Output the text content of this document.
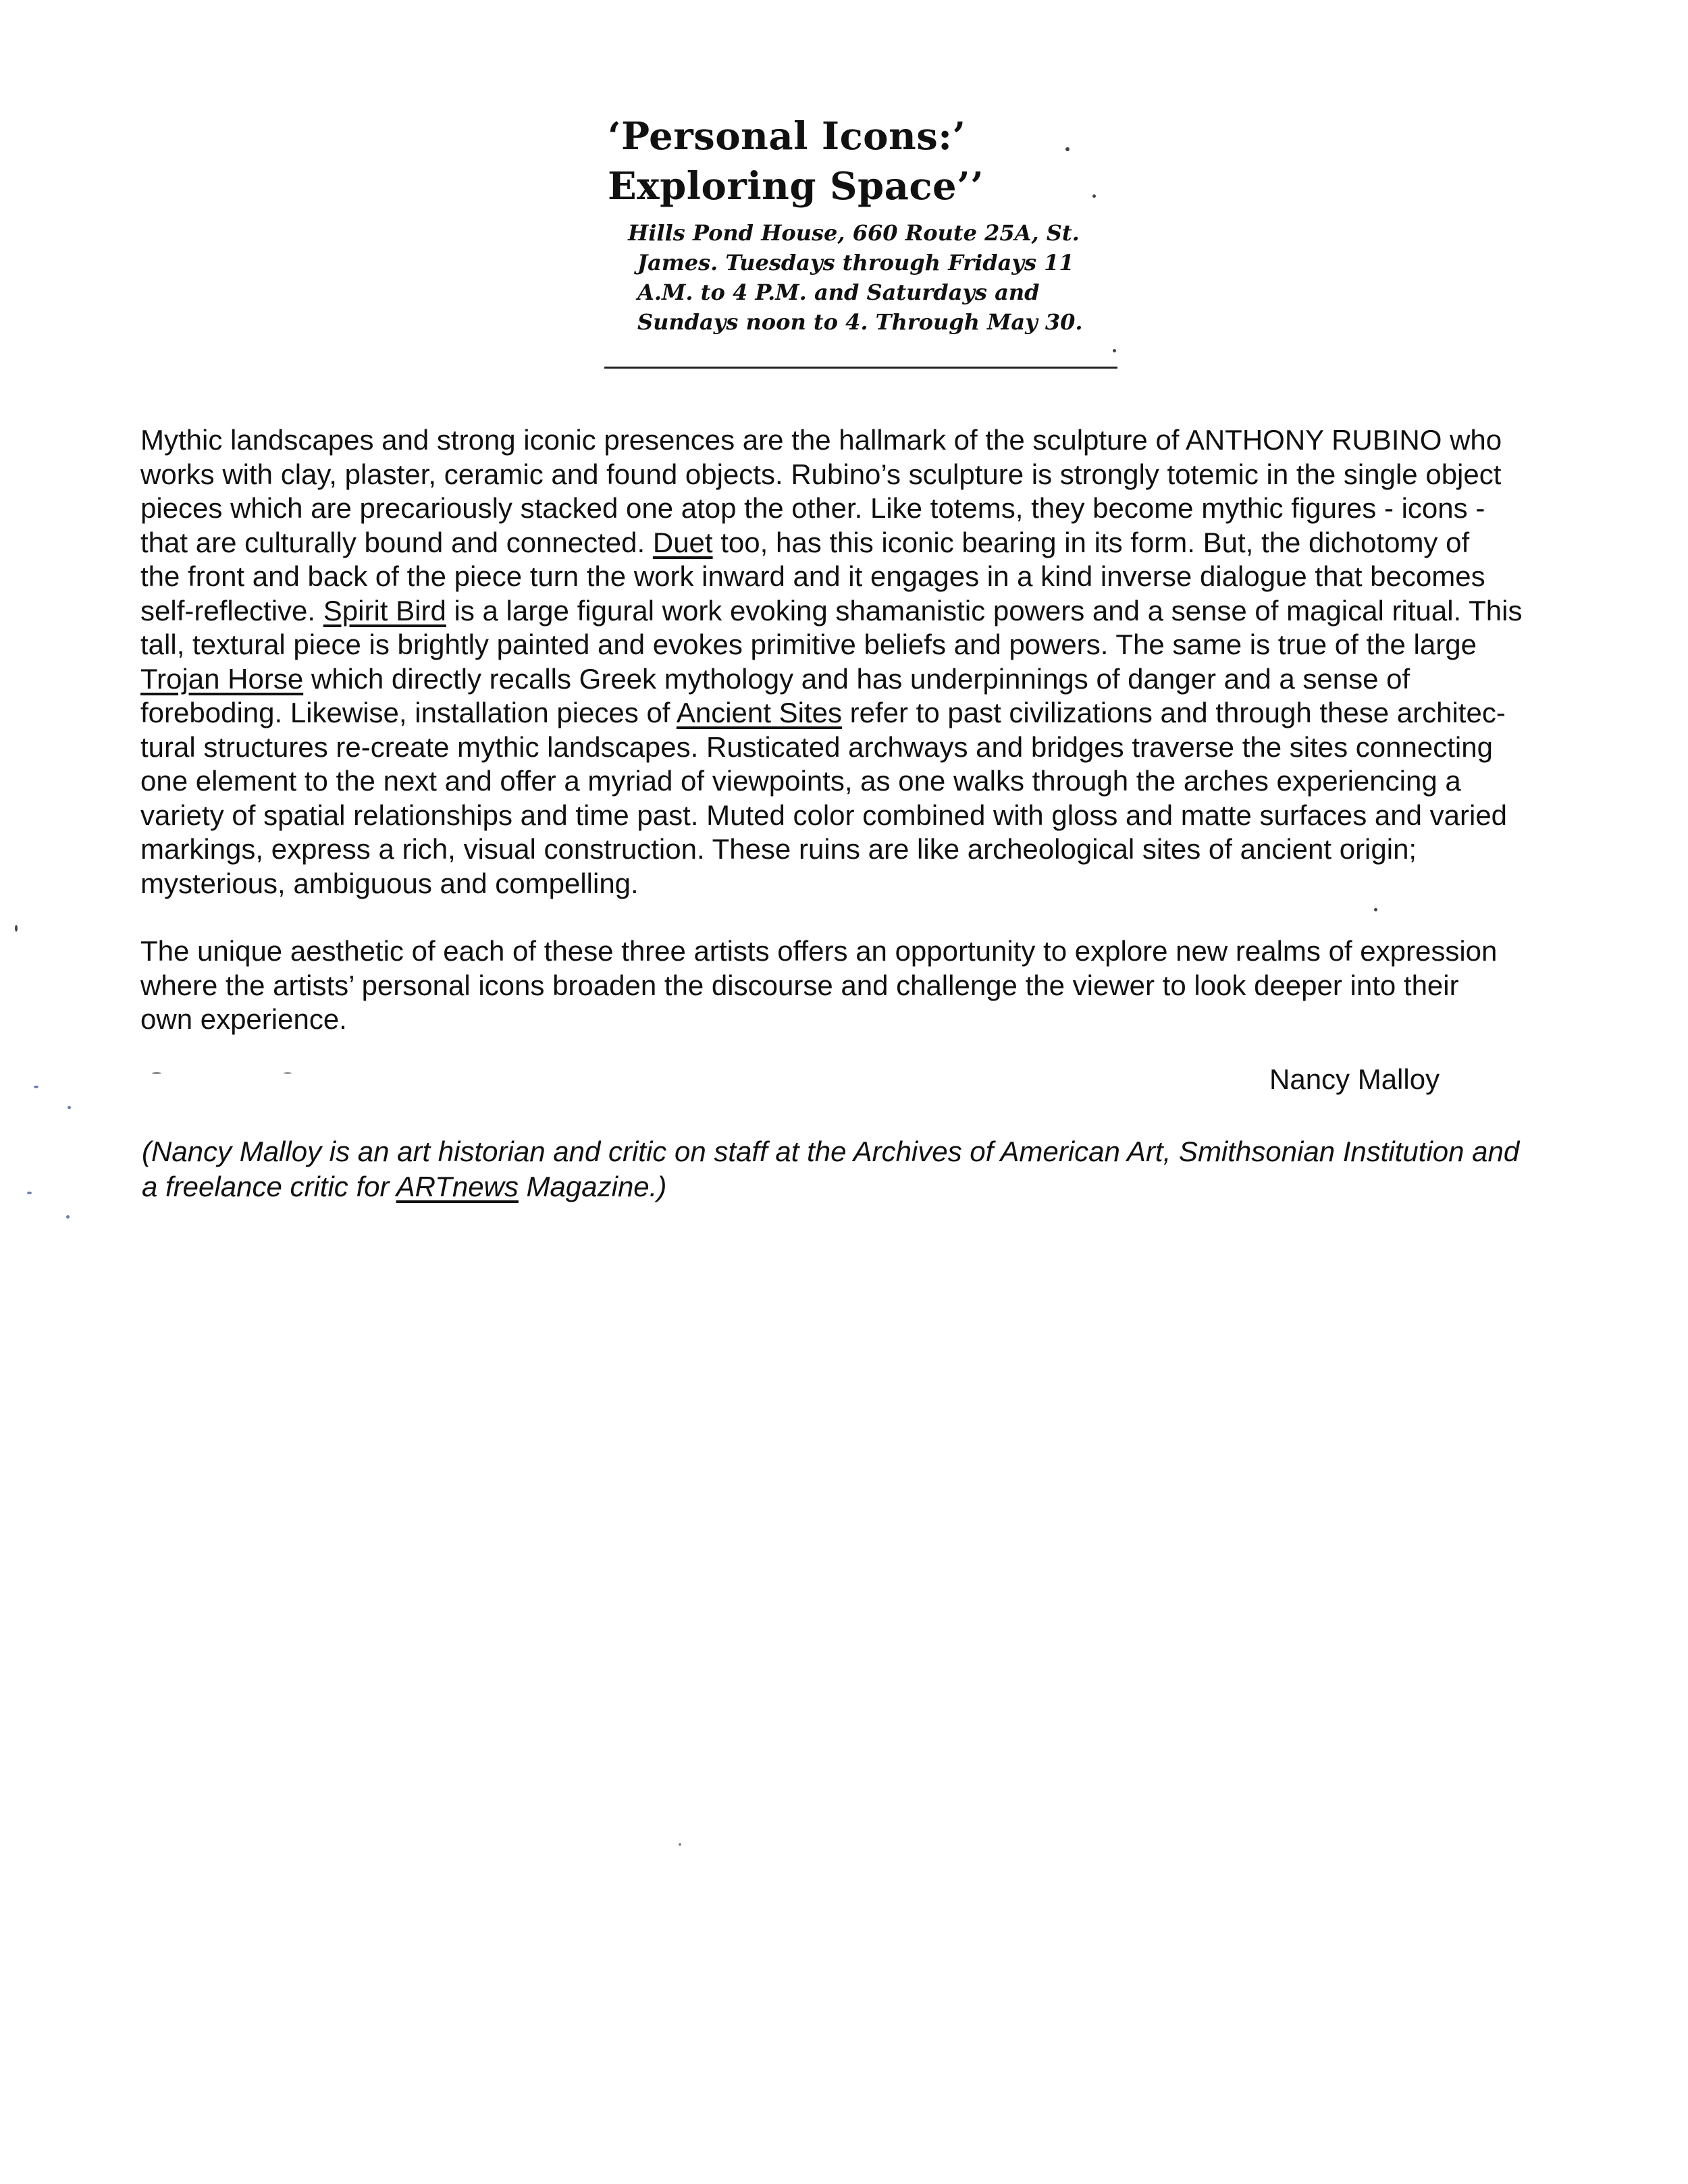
‘Personal Icons:’
Exploring Space’’
Hills Pond House, 660 Route 25A, St.
James. Tuesdays through Fridays 11
A.M. to 4 P.M. and Saturdays and
Sundays noon to 4. Through May 30.
Mythic landscapes and strong iconic presences are the hallmark of the sculpture of ANTHONY RUBINO who
works with clay, plaster, ceramic and found objects. Rubino’s sculpture is strongly totemic in the single object
pieces which are precariously stacked one atop the other. Like totems, they become mythic figures - icons -
that are culturally bound and connected. Duet too, has this iconic bearing in its form. But, the dichotomy of
the front and back of the piece turn the work inward and it engages in a kind inverse dialogue that becomes
self-reflective. Spirit Bird is a large figural work evoking shamanistic powers and a sense of magical ritual. This
tall, textural piece is brightly painted and evokes primitive beliefs and powers. The same is true of the large
Trojan Horse which directly recalls Greek mythology and has underpinnings of danger and a sense of
foreboding. Likewise, installation pieces of Ancient Sites refer to past civilizations and through these architec-
tural structures re-create mythic landscapes. Rusticated archways and bridges traverse the sites connecting
one element to the next and offer a myriad of viewpoints, as one walks through the arches experiencing a
variety of spatial relationships and time past. Muted color combined with gloss and matte surfaces and varied
markings, express a rich, visual construction. These ruins are like archeological sites of ancient origin;
mysterious, ambiguous and compelling.
The unique aesthetic of each of these three artists offers an opportunity to explore new realms of expression
where the artists’ personal icons broaden the discourse and challenge the viewer to look deeper into their
own experience.
Nancy Malloy
(Nancy Malloy is an art historian and critic on staff at the Archives of American Art, Smithsonian Institution and
a freelance critic for ARTnews Magazine.)
